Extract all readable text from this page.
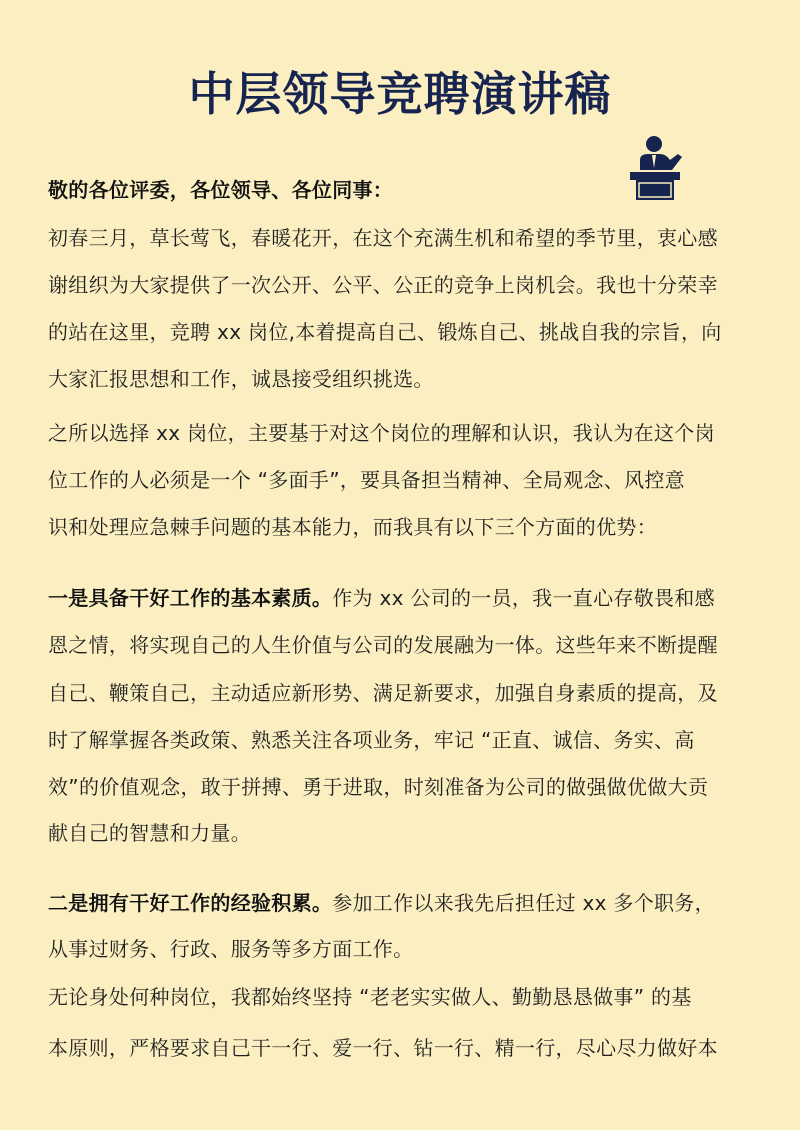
中层领导竞聘演讲稿
敬的各位评委，各位领导、各位同事：
初春三月，草长莺飞，春暖花开，在这个充满生机和希望的季节里，衷心感
谢组织为大家提供了一次公开、公平、公正的竞争上岗机会。我也十分荣幸
的站在这里，竞聘 xx 岗位,本着提高自己、锻炼自己、挑战自我的宗旨，向
大家汇报思想和工作，诚恳接受组织挑选。
之所以选择 xx 岗位，主要基于对这个岗位的理解和认识，我认为在这个岗
位工作的人必须是一个 “多面手”，要具备担当精神、全局观念、风控意
识和处理应急棘手问题的基本能力，而我具有以下三个方面的优势：
一是具备干好工作的基本素质。作为 xx 公司的一员，我一直心存敬畏和感
恩之情，将实现自己的人生价值与公司的发展融为一体。这些年来不断提醒
自己、鞭策自己，主动适应新形势、满足新要求，加强自身素质的提高，及
时了解掌握各类政策、熟悉关注各项业务，牢记 “正直、诚信、务实、高
效”的价值观念，敢于拼搏、勇于进取，时刻准备为公司的做强做优做大贡
献自己的智慧和力量。
二是拥有干好工作的经验积累。参加工作以来我先后担任过 xx 多个职务，
从事过财务、行政、服务等多方面工作。
无论身处何种岗位，我都始终坚持 “老老实实做人、勤勤恳恳做事” 的基
本原则，严格要求自己干一行、爱一行、钻一行、精一行，尽心尽力做好本
